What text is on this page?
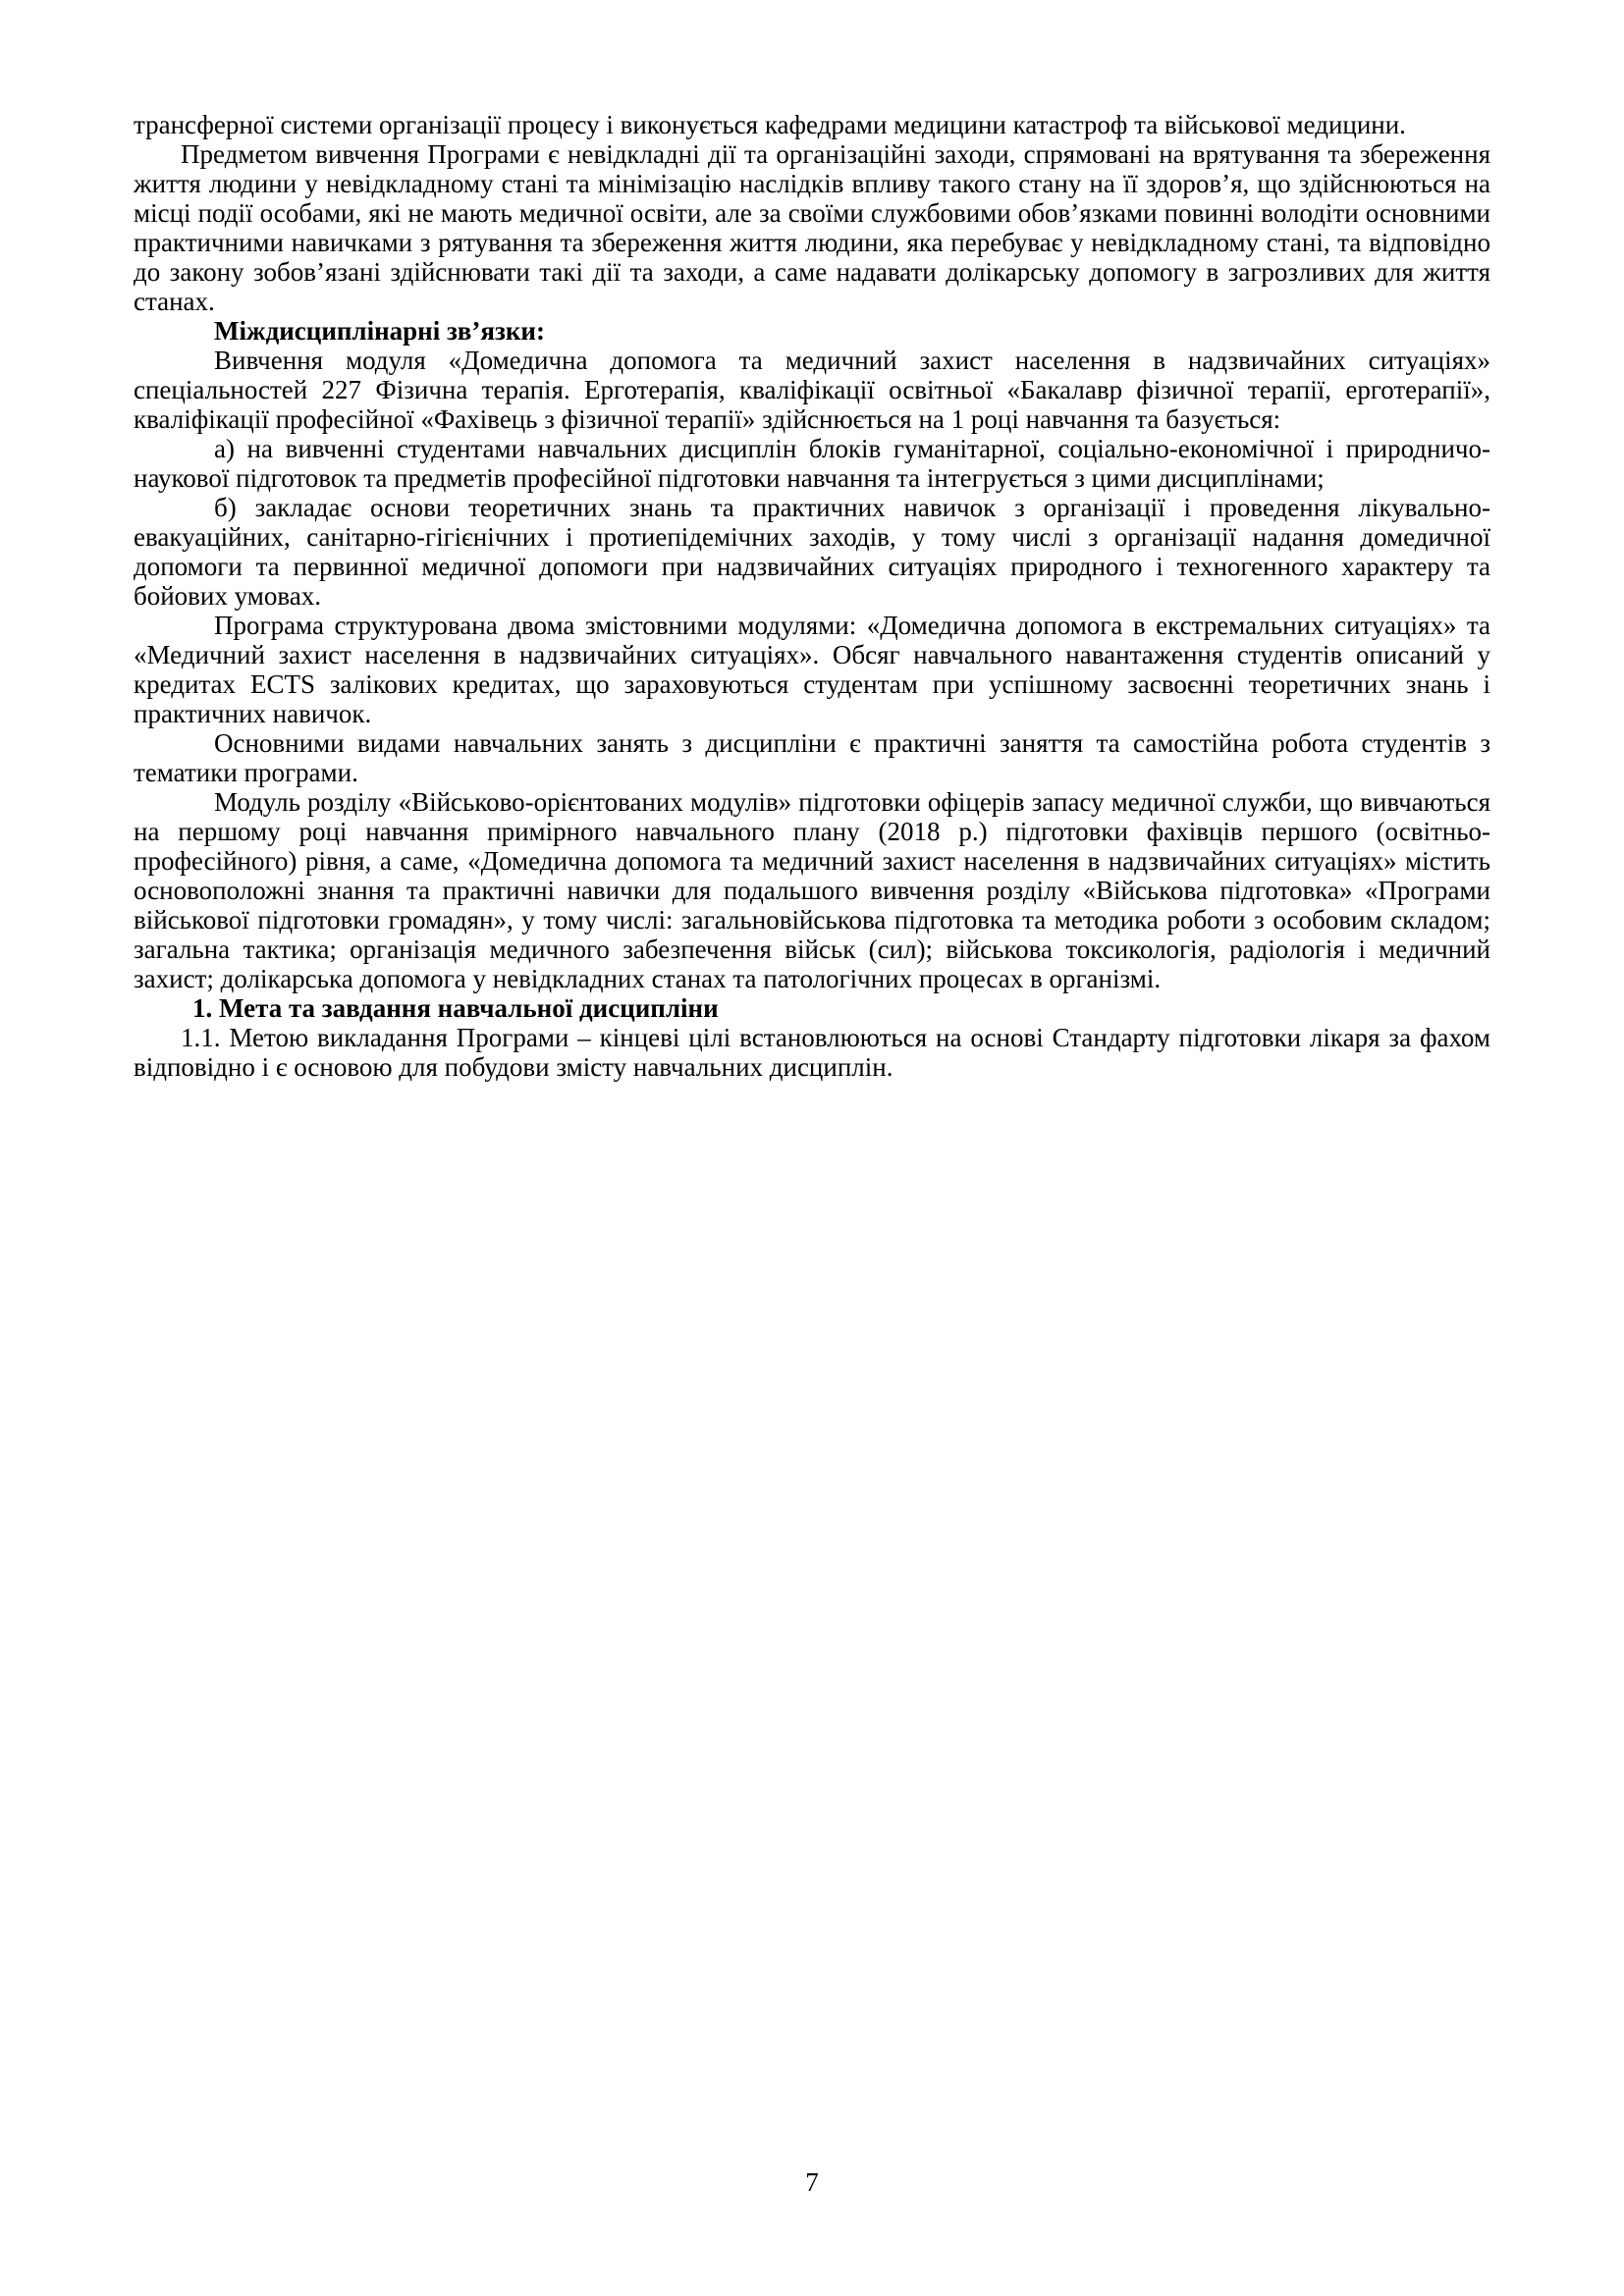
трансферної системи організації процесу і виконується кафедрами медицини катастроф та військової медицини.

Предметом вивчення Програми є невідкладні дії та організаційні заходи, спрямовані на врятування та збереження життя людини у невідкладному стані та мінімізацію наслідків впливу такого стану на її здоров’я, що здійснюються на місці події особами, які не мають медичної освіти, але за своїми службовими обов’язками повинні володіти основними практичними навичками з рятування та збереження життя людини, яка перебуває у невідкладному стані, та відповідно до закону зобов’язані здійснювати такі дії та заходи, а саме надавати долікарську допомогу в загрозливих для життя станах.

Міждисциплінарні зв’язки:

Вивчення модуля «Домедична допомога та медичний захист населення в надзвичайних ситуаціях» спеціальностей 227 Фізична терапія. Ерготерапія, кваліфікації освітньої «Бакалавр фізичної терапії, ерготерапії», кваліфікації професійної «Фахівець з фізичної терапії» здійснюється на 1 році навчання та базується:

а) на вивченні студентами навчальних дисциплін блоків гуманітарної, соціально-економічної і природничо-наукової підготовок та предметів професійної підготовки навчання та інтегрується з цими дисциплінами;

б) закладає основи теоретичних знань та практичних навичок з організації і проведення лікувально-евакуаційних, санітарно-гігієнічних і протиепідемічних заходів, у тому числі з організації надання домедичної допомоги та первинної медичної допомоги при надзвичайних ситуаціях природного і техногенного характеру та бойових умовах.

Програма структурована двома змістовними модулями: «Домедична допомога в екстремальних ситуаціях» та «Медичний захист населення в надзвичайних ситуаціях». Обсяг навчального навантаження студентів описаний у кредитах ECTS залікових кредитах, що зараховуються студентам при успішному засвоєнні теоретичних знань і практичних навичок.

Основними видами навчальних занять з дисципліни є практичні заняття та самостійна робота студентів з тематики програми.

Модуль розділу «Військово-орієнтованих модулів» підготовки офіцерів запасу медичної служби, що вивчаються на першому році навчання примірного навчального плану (2018 р.) підготовки фахівців першого (освітньо-професійного) рівня, а саме, «Домедична допомога та медичний захист населення в надзвичайних ситуаціях» містить основоположні знання та практичні навички для подальшого вивчення розділу «Військова підготовка» «Програми військової підготовки громадян», у тому числі: загальновійськова підготовка та методика роботи з особовим складом; загальна тактика; організація медичного забезпечення військ (сил); військова токсикологія, радіологія і медичний захист; долікарська допомога у невідкладних станах та патологічних процесах в організмі.

1. Мета та завдання навчальної дисципліни

1.1. Метою викладання Програми – кінцеві цілі встановлюються на основі Стандарту підготовки лікаря за фахом відповідно і є основою для побудови змісту навчальних дисциплін.

7
